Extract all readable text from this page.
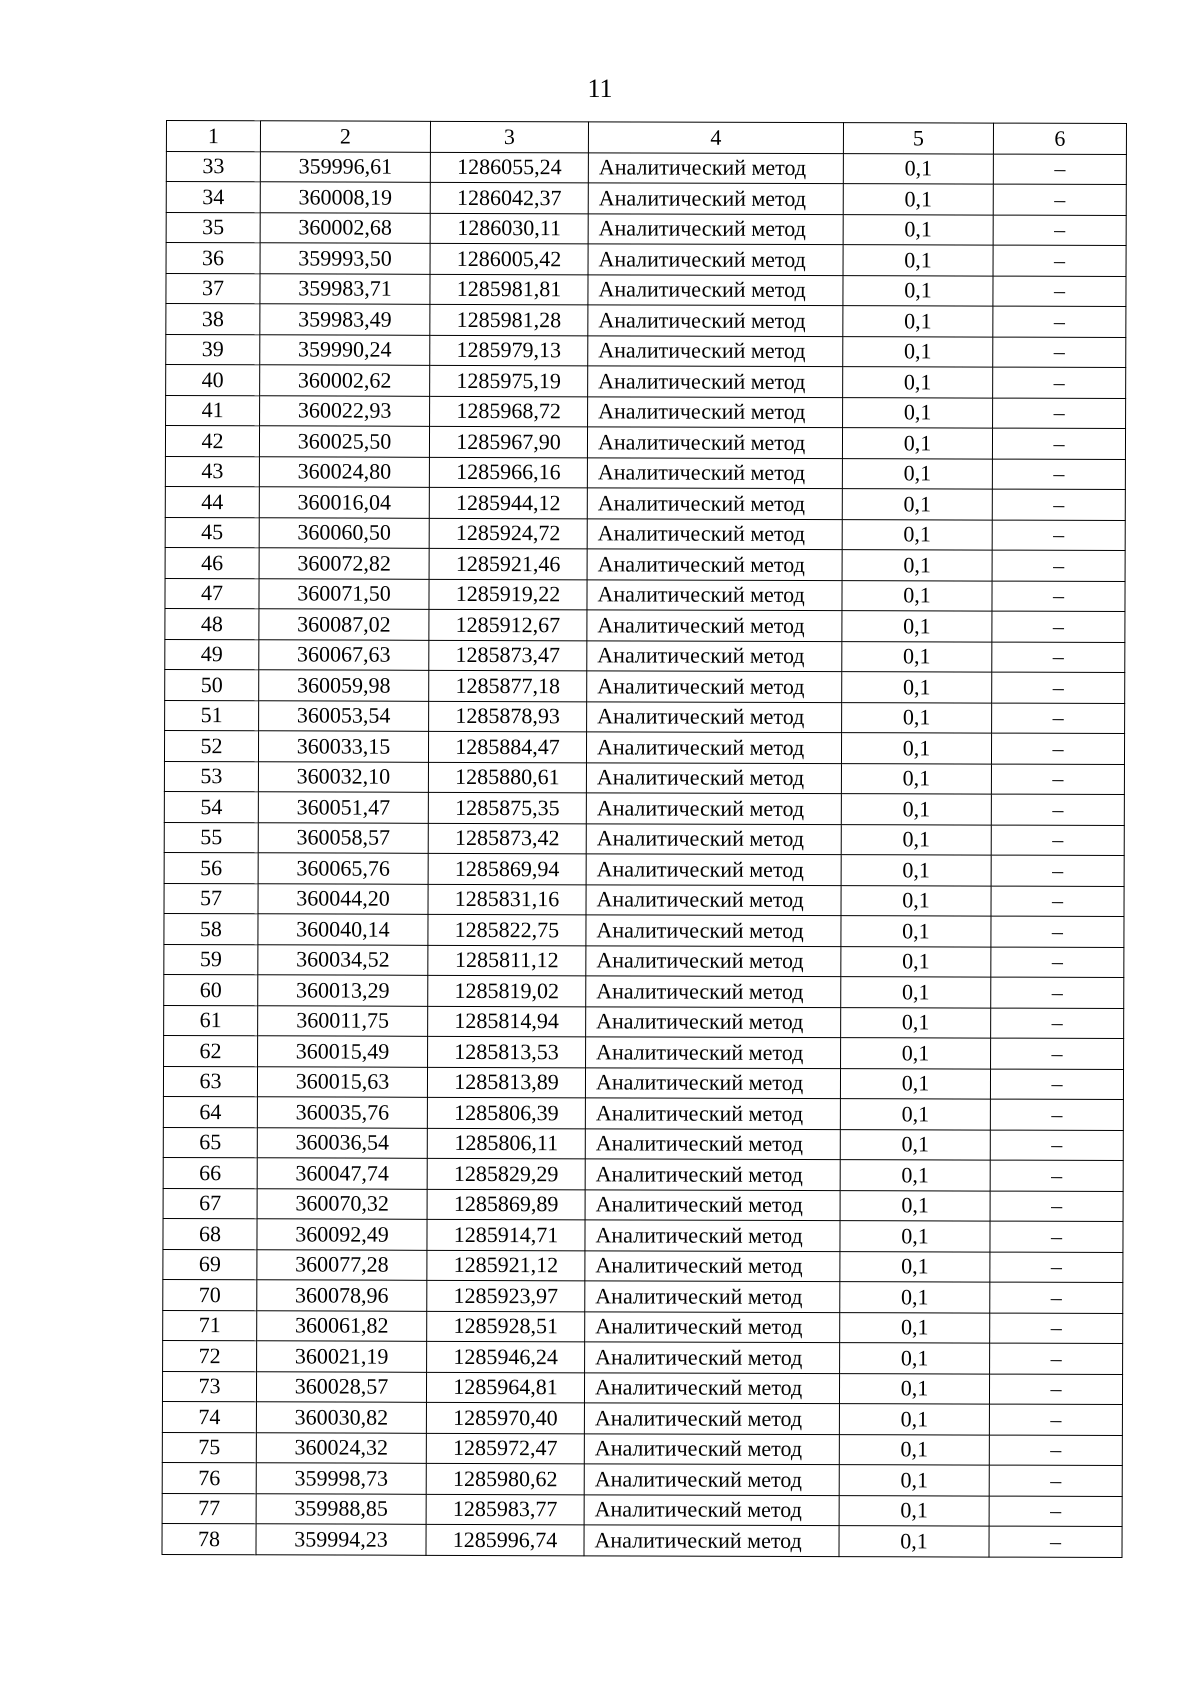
11
1	2	3	4	5	6
33	359996,61	1286055,24	Аналитический метод	0,1	–
34	360008,19	1286042,37	Аналитический метод	0,1	–
35	360002,68	1286030,11	Аналитический метод	0,1	–
36	359993,50	1286005,42	Аналитический метод	0,1	–
37	359983,71	1285981,81	Аналитический метод	0,1	–
38	359983,49	1285981,28	Аналитический метод	0,1	–
39	359990,24	1285979,13	Аналитический метод	0,1	–
40	360002,62	1285975,19	Аналитический метод	0,1	–
41	360022,93	1285968,72	Аналитический метод	0,1	–
42	360025,50	1285967,90	Аналитический метод	0,1	–
43	360024,80	1285966,16	Аналитический метод	0,1	–
44	360016,04	1285944,12	Аналитический метод	0,1	–
45	360060,50	1285924,72	Аналитический метод	0,1	–
46	360072,82	1285921,46	Аналитический метод	0,1	–
47	360071,50	1285919,22	Аналитический метод	0,1	–
48	360087,02	1285912,67	Аналитический метод	0,1	–
49	360067,63	1285873,47	Аналитический метод	0,1	–
50	360059,98	1285877,18	Аналитический метод	0,1	–
51	360053,54	1285878,93	Аналитический метод	0,1	–
52	360033,15	1285884,47	Аналитический метод	0,1	–
53	360032,10	1285880,61	Аналитический метод	0,1	–
54	360051,47	1285875,35	Аналитический метод	0,1	–
55	360058,57	1285873,42	Аналитический метод	0,1	–
56	360065,76	1285869,94	Аналитический метод	0,1	–
57	360044,20	1285831,16	Аналитический метод	0,1	–
58	360040,14	1285822,75	Аналитический метод	0,1	–
59	360034,52	1285811,12	Аналитический метод	0,1	–
60	360013,29	1285819,02	Аналитический метод	0,1	–
61	360011,75	1285814,94	Аналитический метод	0,1	–
62	360015,49	1285813,53	Аналитический метод	0,1	–
63	360015,63	1285813,89	Аналитический метод	0,1	–
64	360035,76	1285806,39	Аналитический метод	0,1	–
65	360036,54	1285806,11	Аналитический метод	0,1	–
66	360047,74	1285829,29	Аналитический метод	0,1	–
67	360070,32	1285869,89	Аналитический метод	0,1	–
68	360092,49	1285914,71	Аналитический метод	0,1	–
69	360077,28	1285921,12	Аналитический метод	0,1	–
70	360078,96	1285923,97	Аналитический метод	0,1	–
71	360061,82	1285928,51	Аналитический метод	0,1	–
72	360021,19	1285946,24	Аналитический метод	0,1	–
73	360028,57	1285964,81	Аналитический метод	0,1	–
74	360030,82	1285970,40	Аналитический метод	0,1	–
75	360024,32	1285972,47	Аналитический метод	0,1	–
76	359998,73	1285980,62	Аналитический метод	0,1	–
77	359988,85	1285983,77	Аналитический метод	0,1	–
78	359994,23	1285996,74	Аналитический метод	0,1	–
